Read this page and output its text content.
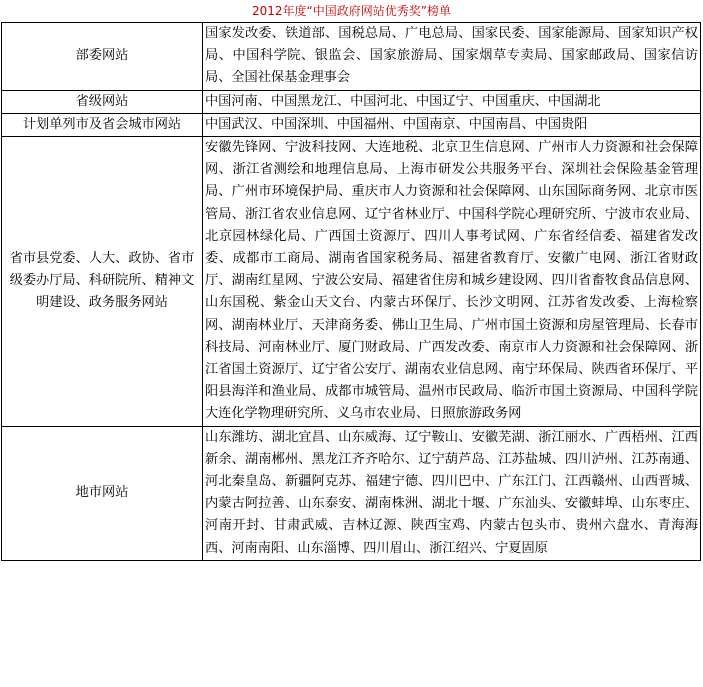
2012年度“中国政府网站优秀奖”榜单
部委网站	国家发改委 、 铁道部 、 国税总局 、 广电总局 、 国家民委 、 国家能源局 、 国家知识产权局 、 中国科学院 、 银监会 、 国家旅游局 、 国家烟草专卖局 、 国家邮政局 、 国家信访局 、 全国社保基金理事会
省级网站	中国河南 、 中国黑龙江 、 中国河北 、 中国辽宁 、 中国重庆 、 中国湖北
计划单列市及省会城市网站	中国武汉 、 中国深圳 、 中国福州 、 中国南京 、 中国南昌 、 中国贵阳
省市县党委、人大、政协、省市级委办厅局、科研院所、精神文明建设、政务服务网站	安徽先锋网 、 宁波科技网 、 大连地税 、 北京卫生信息网 、 广州市人力资源和社会保障网 、 浙江省测绘和地理信息局 、 上海市研发公共服务平台 、 深圳社会保险基金管理局 、 广州市环境保护局 、 重庆市人力资源和社会保障网 、 山东国际商务网 、 北京市医管局 、 浙江省农业信息网 、 辽宁省林业厅 、 中国科学院心理研究所 、 宁波市农业局 、北京园林绿化局 、 广西国土资源厅 、 四川人事考试网 、 广东省经信委 、 福建省发改委 、 成都市工商局 、 湖南省国家税务局 、 福建省教育厅 、 安徽广电网 、 浙江省财政厅 、 湖南红星网 、 宁波公安局 、 福建省住房和城乡建设网 、 四川省畜牧食品信息网 、山东国税 、 紫金山天文台 、 内蒙古环保厅 、 长沙文明网 、 江苏省发改委 、 上海检察网 、 湖南林业厅 、 天津商务委 、 佛山卫生局 、 广州市国土资源和房屋管理局 、 长春市科技局 、 河南林业厅 、 厦门财政局 、 广西发改委 、 南京市人力资源和社会保障网 、 浙江省国土资源厅 、 辽宁省公安厅 、 湖南农业信息网 、 南宁环保局 、 陕西省环保厅 、 平阳县海洋和渔业局 、 成都市城管局 、 温州市民政局 、 临沂市国土资源局 、 中国科学院大连化学物理研究所 、 义乌市农业局 、 日照旅游政务网
地市网站	山东潍坊 、 湖北宜昌 、 山东威海 、 辽宁鞍山 、 安徽芜湖 、 浙江丽水 、 广西梧州 、 江西新余 、 湖南郴州 、 黑龙江齐齐哈尔 、 辽宁葫芦岛 、 江苏盐城 、 四川泸州 、 江苏南通 、河北秦皇岛 、 新疆阿克苏 、 福建宁德 、 四川巴中 、 广东江门 、 江西赣州 、 山西晋城 、内蒙古阿拉善 、 山东泰安 、 湖南株洲 、 湖北十堰 、 广东汕头 、 安徽蚌埠 、 山东枣庄 、河南开封 、 甘肃武威 、 吉林辽源 、 陕西宝鸡 、 内蒙古包头市 、 贵州六盘水 、 青海海西 、 河南南阳 、 山东淄博 、 四川眉山 、 浙江绍兴 、 宁夏固原
